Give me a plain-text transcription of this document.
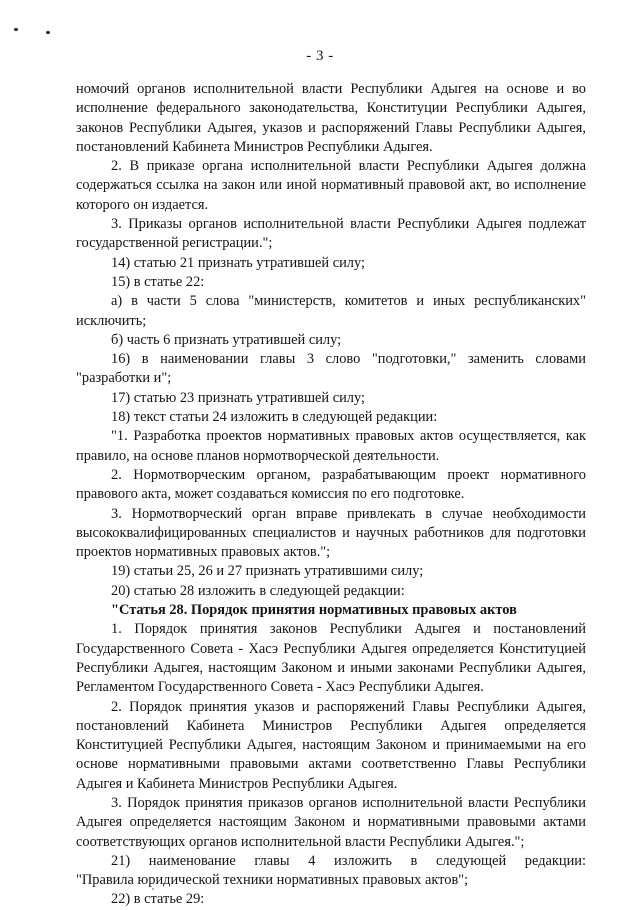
- 3 -

номочий органов исполнительной власти Республики Адыгея на основе и во исполнение федерального законодательства, Конституции Республики Адыгея, законов Республики Адыгея, указов и распоряжений Главы Республики Адыгея, постановлений Кабинета Министров Республики Адыгея.

2. В приказе органа исполнительной власти Республики Адыгея должна содержаться ссылка на закон или иной нормативный правовой акт, во исполнение которого он издается.

3. Приказы органов исполнительной власти Республики Адыгея подлежат государственной регистрации.";

14) статью 21 признать утратившей силу;

15) в статье 22:

а) в части 5 слова "министерств, комитетов и иных республиканских" исключить;

б) часть 6 признать утратившей силу;

16) в наименовании главы 3 слово "подготовки," заменить словами "разработки и";

17) статью 23 признать утратившей силу;

18) текст статьи 24 изложить в следующей редакции:

"1. Разработка проектов нормативных правовых актов осуществляется, как правило, на основе планов нормотворческой деятельности.

2. Нормотворческим органом, разрабатывающим проект нормативного правового акта, может создаваться комиссия по его подготовке.

3. Нормотворческий орган вправе привлекать в случае необходимости высококвалифицированных специалистов и научных работников для подготовки проектов нормативных правовых актов.";

19) статьи 25, 26 и 27 признать утратившими силу;

20) статью 28 изложить в следующей редакции:

"Статья 28. Порядок принятия нормативных правовых актов

1. Порядок принятия законов Республики Адыгея и постановлений Государственного Совета - Хасэ Республики Адыгея определяется Конституцией Республики Адыгея, настоящим Законом и иными законами Республики Адыгея, Регламентом Государственного Совета - Хасэ Республики Адыгея.

2. Порядок принятия указов и распоряжений Главы Республики Адыгея, постановлений Кабинета Министров Республики Адыгея определяется Конституцией Республики Адыгея, настоящим Законом и принимаемыми на его основе нормативными правовыми актами соответственно Главы Республики Адыгея и Кабинета Министров Республики Адыгея.

3. Порядок принятия приказов органов исполнительной власти Республики Адыгея определяется настоящим Законом и нормативными правовыми актами соответствующих органов исполнительной власти Республики Адыгея.";

21) наименование главы 4 изложить в следующей редакции:

"Правила юридической техники нормативных правовых актов";

22) в статье 29:
